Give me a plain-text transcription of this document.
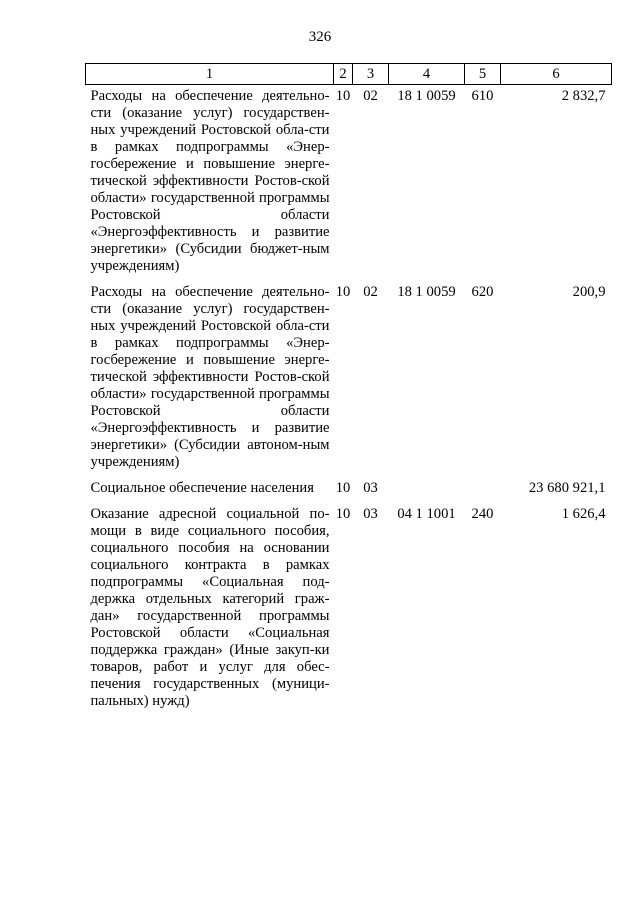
326
1	2	3	4	5	6
Расходы на обеспечение деятельно-сти (оказание услуг) государствен-ных учреждений Ростовской обла-сти в рамках подпрограммы «Энер-госбережение и повышение энерге-тической эффективности Ростов-ской области» государственной программы Ростовской области «Энергоэффективность и развитие энергетики» (Субсидии бюджет-ным учреждениям)	10	02	18 1 0059	610	2 832,7
Расходы на обеспечение деятельно-сти (оказание услуг) государствен-ных учреждений Ростовской обла-сти в рамках подпрограммы «Энер-госбережение и повышение энерге-тической эффективности Ростов-ской области» государственной программы Ростовской области «Энергоэффективность и развитие энергетики» (Субсидии автоном-ным учреждениям)	10	02	18 1 0059	620	200,9
Социальное обеспечение населения	10	03			23 680 921,1
Оказание адресной социальной по-мощи в виде социального пособия, социального пособия на основании социального контракта в рамках подпрограммы «Социальная под-держка отдельных категорий граж-дан» государственной программы Ростовской области «Социальная поддержка граждан» (Иные закуп-ки товаров, работ и услуг для обес-печения государственных (муници-пальных) нужд)	10	03	04 1 1001	240	1 626,4
